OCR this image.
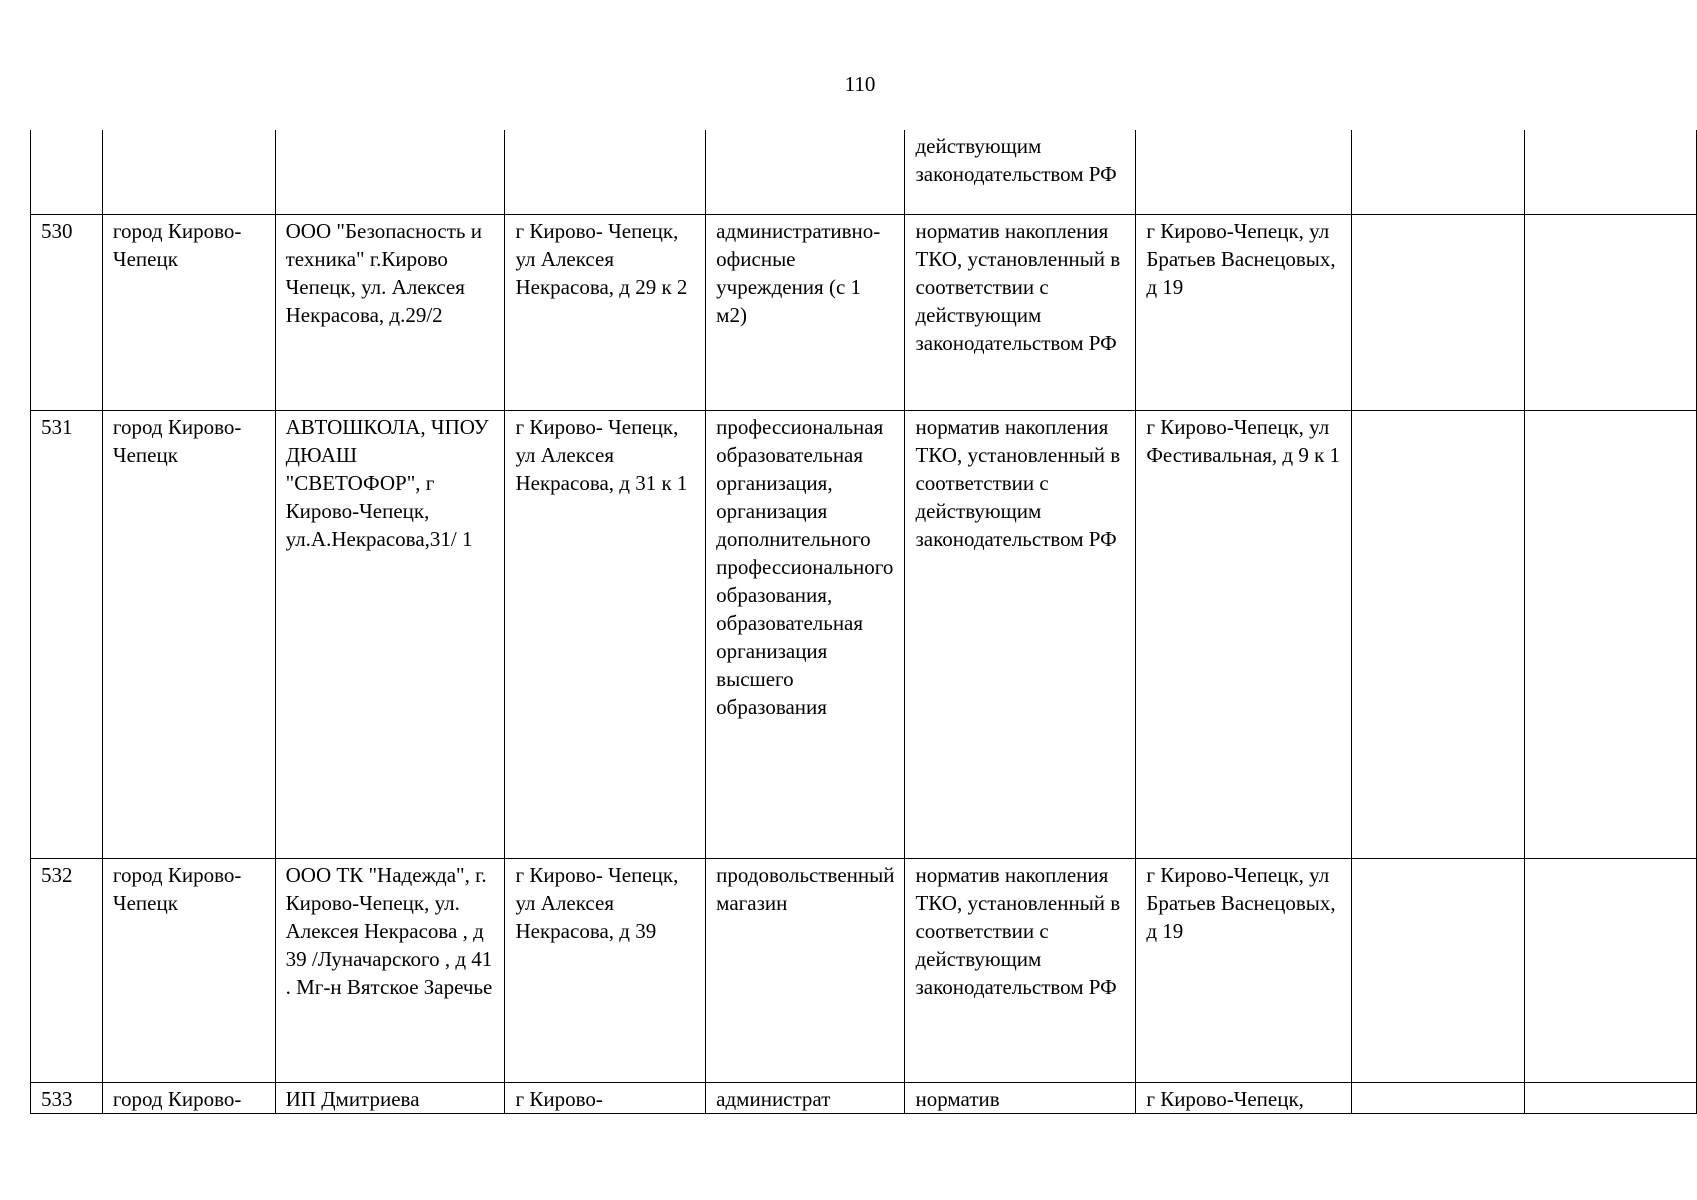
110
					действующим законодательством РФ			
530	город Кирово- Чепецк	ООО "Безопасность и техника" г.Кирово Чепецк, ул. Алексея Некрасова, д.29/2	г Кирово- Чепецк, ул Алексея Некрасова, д 29 к 2	административно- офисные учреждения (с 1 м2)	норматив накопления ТКО, установленный в соответствии с действующим законодательством РФ	г Кирово-Чепецк, ул Братьев Васнецовых, д 19		
531	город Кирово- Чепецк	АВТОШКОЛА, ЧПОУ ДЮАШ "СВЕТОФОР", г Кирово-Чепецк, ул.А.Некрасова,31/ 1	г Кирово- Чепецк, ул Алексея Некрасова, д 31 к 1	профессиональная образовательная организация, организация дополнительного профессионального образования, образовательная организация высшего образования	норматив накопления ТКО, установленный в соответствии с действующим законодательством РФ	г Кирово-Чепецк, ул Фестивальная, д 9 к 1		
532	город Кирово- Чепецк	ООО ТК "Надежда", г. Кирово-Чепецк, ул. Алексея Некрасова , д 39 /Луначарского , д 41 . Мг-н Вятское Заречье	г Кирово- Чепецк, ул Алексея Некрасова, д 39	продовольственный магазин	норматив накопления ТКО, установленный в соответствии с действующим законодательством РФ	г Кирово-Чепецк, ул Братьев Васнецовых, д 19		
533	город Кирово-	ИП Дмитриева	г Кирово-	администрат	норматив	г Кирово-Чепецк,		
